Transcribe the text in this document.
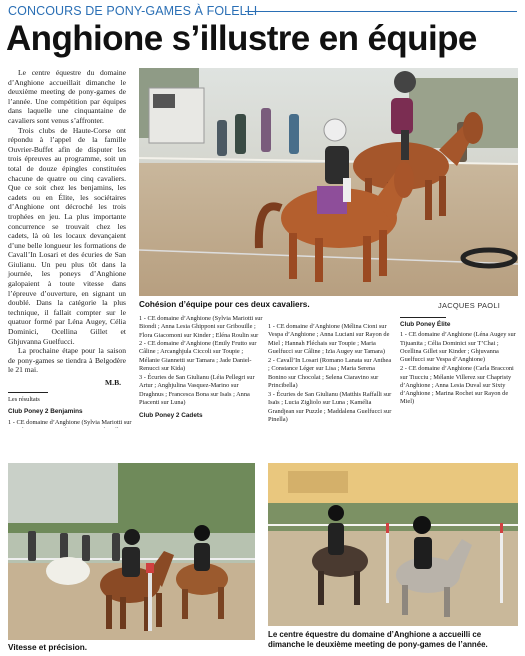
CONCOURS DE PONY-GAMES À FOLELLI
Anghione s’illustre en équipe

Le centre équestre du domaine d’Anghione accueillait dimanche le deuxième meeting de pony-games de l’année. Une compétition par équipes dans laquelle une cinquantaine de cavaliers sont venus s’affronter.

Trois clubs de Haute-Corse ont répondu à l’appel de la famille Ouvrier-Buffet afin de disputer les trois épreuves au programme, soit un total de douze épingles constituées chacune de quatre ou cinq cavaliers. Que ce soit chez les benjamins, les cadets ou en Élite, les sociétaires d’Anghione ont décroché les trois trophées en jeu. La plus importante concurrence se trouvait chez les cadets, là où les locaux devançaient d’une belle longueur les formations de Cavall’In Losari et des écuries de San Giulianu. Un peu plus tôt dans la journée, les poneys d’Anghione galopaient à toute vitesse dans l’épreuve d’ouverture, en signant un doublé. Dans la catégorie la plus technique, il fallait compter sur le quatuor formé par Léna Augey, Célia Dominici, Ocellina Gillet et Ghjuvanna Guelfucci.

La prochaine étape pour la saison de pony-games se tiendra à Belgodère le 21 mai.

M.B.
Cohésion d’équipe pour ces deux cavaliers.	JACQUES PAOLI
Les résultats
Club Poney 2 Benjamins
1 - CE domaine d’Anghione (Sylvia Mariotti sur
1 - CE domaine d’Anghione (Sylvia Mariotti sur Biondi ; Anna Lesia Ghipponi sur Gribouille ; Flora Giacomoni sur Kinder ; Eléna Roulin sur
2 - CE domaine d’Anghione (Emily Frutto sur Câline ; Arcanghjula Ciccoli sur Toupie ; Mélanie Giannetti sur Tamara ; Jade Daniel-Renucci sur Kida)
3 - Écuries de San Giulianu (Léia Pellegri sur Artur ; Anghjulina Vasquez-Marino sur Draghnus ; Francesca Bona sur Isaïs ; Anna Piacenti sur Luna)
Club Poney 2 Cadets
1 - CE domaine d’Anghione (Mélina Cioni sur Vespa d’Anghione ; Anna Luciani sur Rayon de Miel ; Hannah Fléchais sur Toupie ; Maria Guelfucci sur Câline ; Izïa Augey sur Tamara)
2 - Cavall’In Losari (Romano Lanata sur Anthea ; Constance Léger sur Lisa ; Maria Serena Bonino sur Chocolat ; Selena Ciaravino sur Princibella)
3 - Écuries de San Giulianu (Matthis Raffalli sur Isaïs ; Lucia Zigliolo sur Luna ; Kamélia Grandjean sur Puzzle ; Maddalena Guelfucci sur Pinella)
Club Poney Élite
1 - CE domaine d’Anghione (Léna Augey sur Tijuanita ; Célia Dominici sur T’Chai ; Ocellina Gillet sur Kinder ; Ghjuvanna Guelfucci sur Vespa d’Anghione)
2 - CE domaine d’Anghione (Carla Bracconi sur Tiucciu ; Mélanie Villerez sur Chapristy d’Anghione ; Anna Lesia Duval sur Sixty d’Anghione ; Marina Rochet sur Rayon de Miel)
Vitesse et précision.
Le centre équestre du domaine d’Anghione a accueilli ce dimanche le deuxième meeting de pony-games de l’année.
